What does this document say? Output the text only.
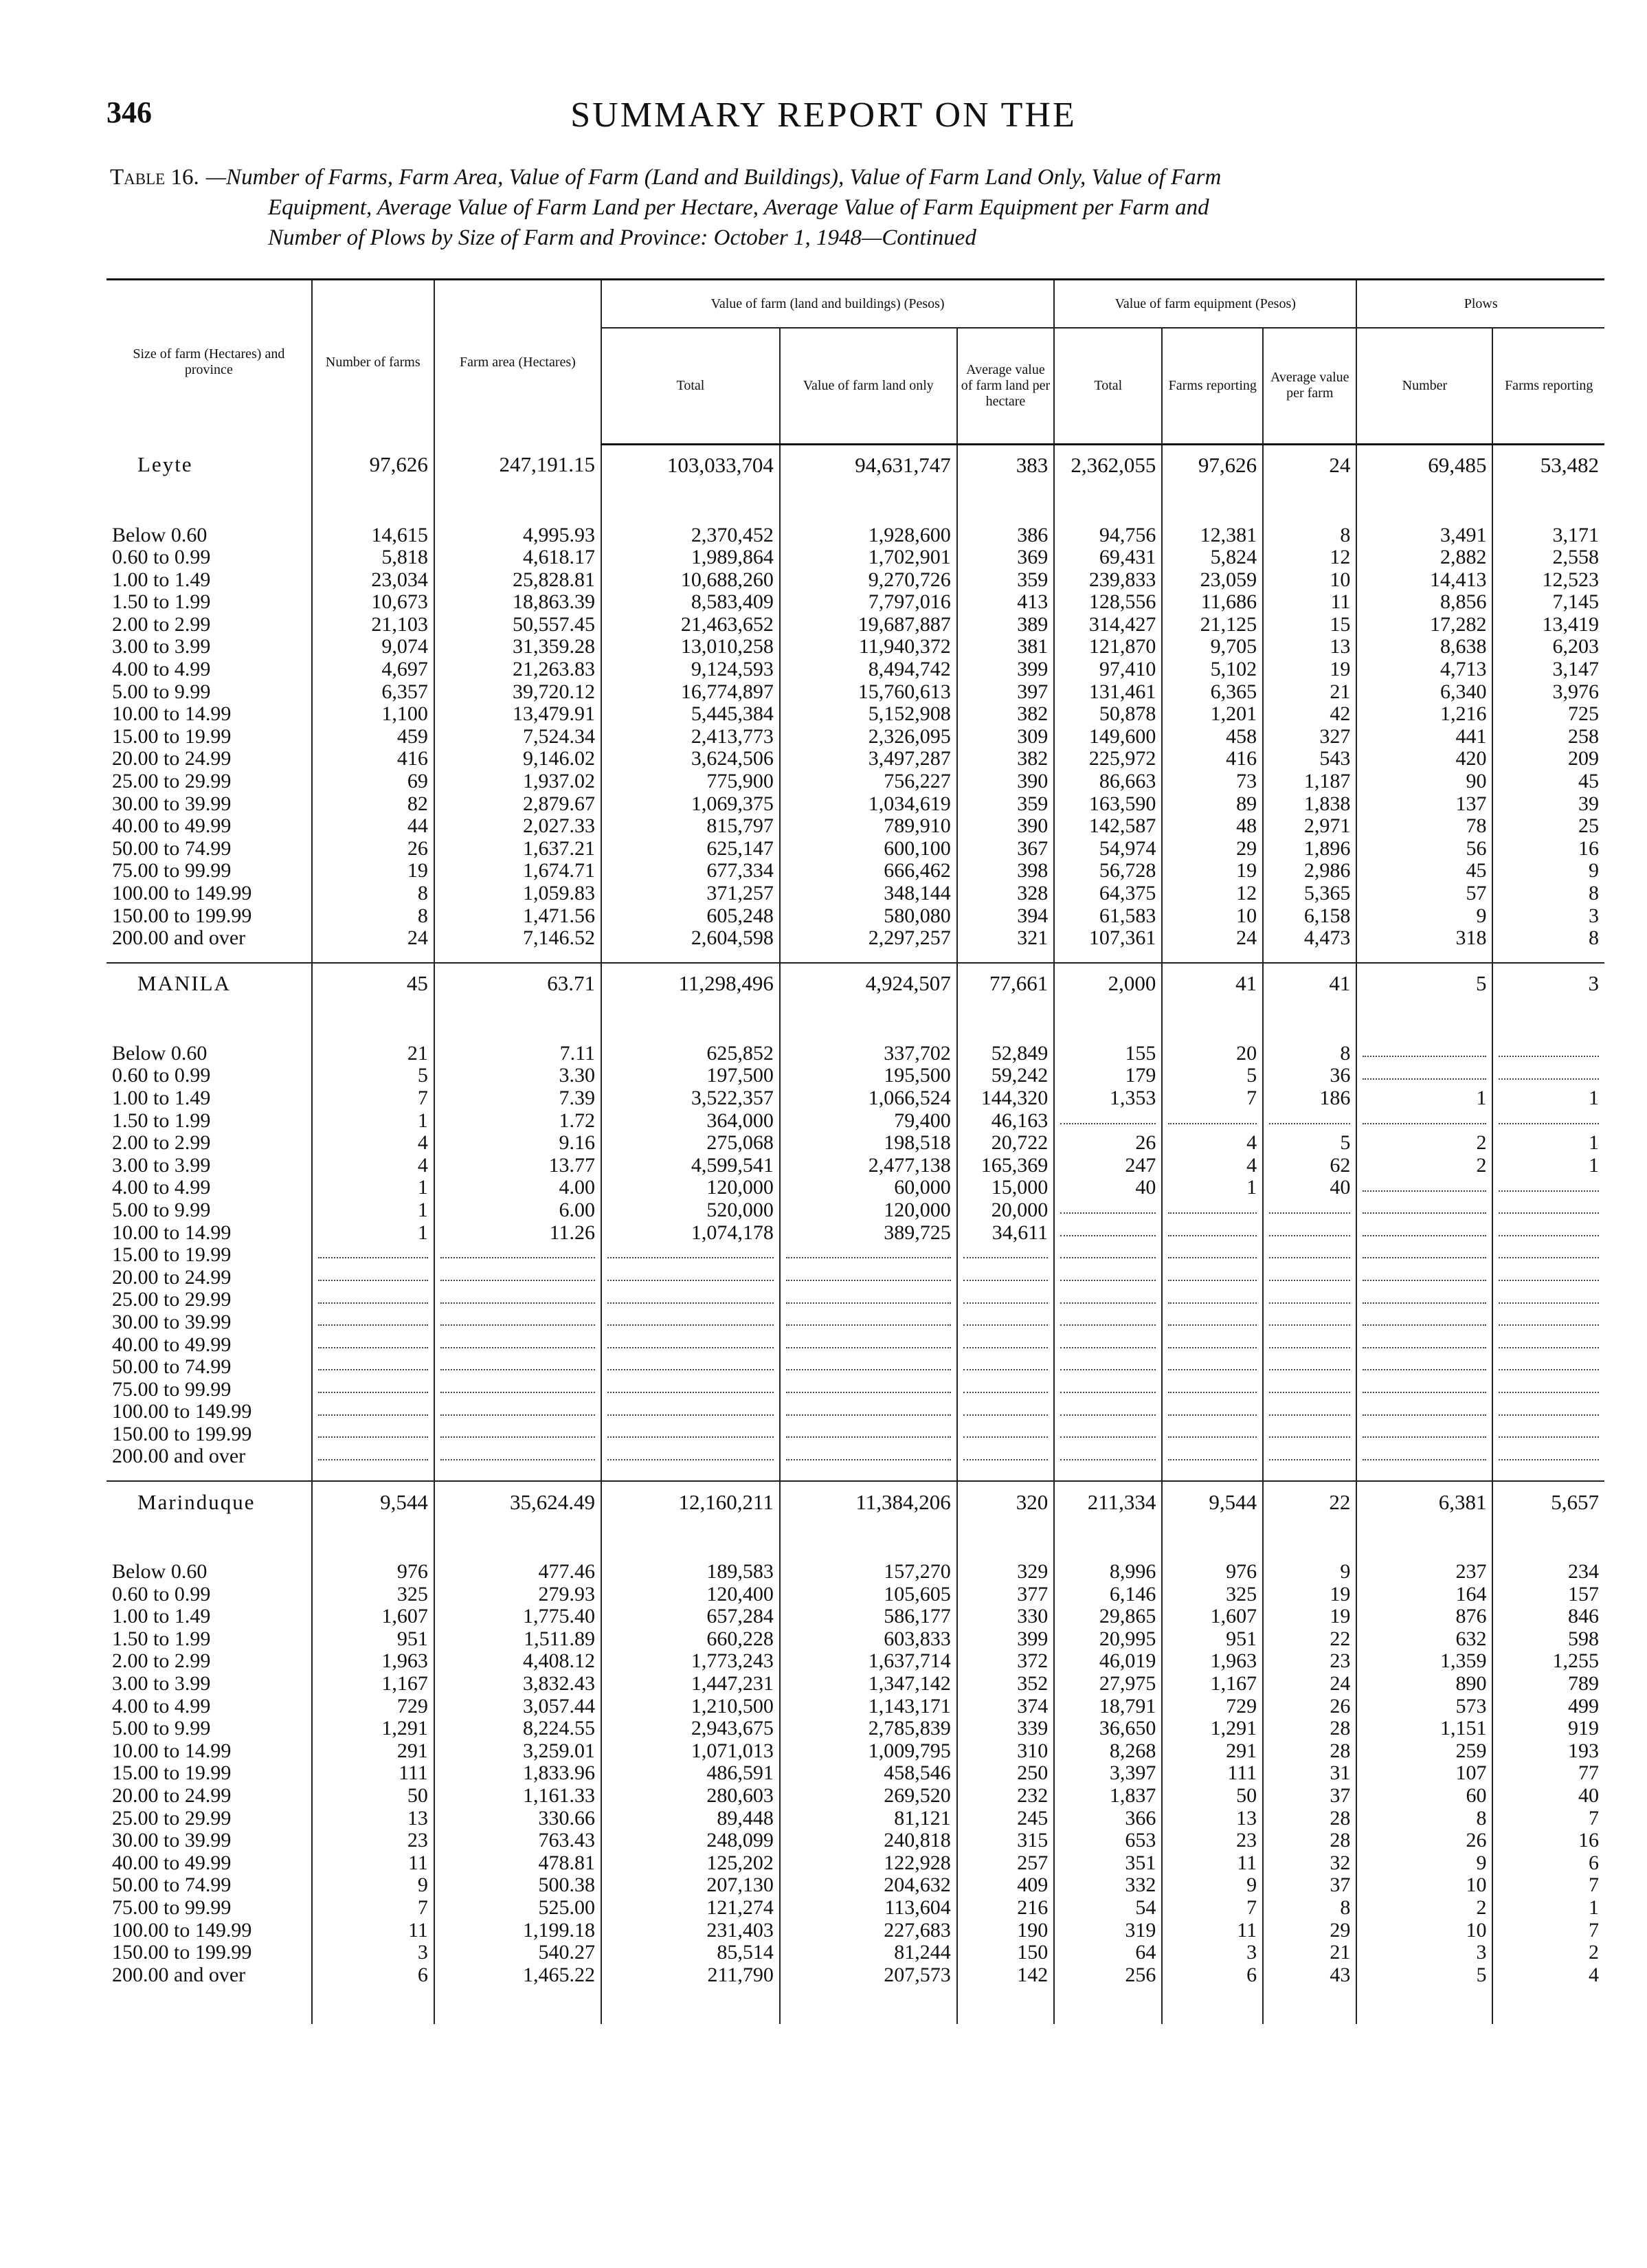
346	SUMMARY REPORT ON THE
Table 16. —Number of Farms, Farm Area, Value of Farm (Land and Buildings), Value of Farm Land Only, Value of Farm
Equipment, Average Value of Farm Land per Hectare, Average Value of Farm Equipment per Farm and
Number of Plows by Size of Farm and Province: October 1, 1948—Continued
Size of farm (Hectares) and province	Number of farms	Farm area (Hectares)	Value of farm (land and buildings) (Pesos)			Value of farm equipment (Pesos)			Plows	
			Total	Value of farm land only	Average value of farm land per hectare	Total	Farms reporting	Average value per farm	Number	Farms reporting
Leyte	97,626	247,191.15	103,033,704	94,631,747	383	2,362,055	97,626	24	69,485	53,482

Below 0.60	14,615	4,995.93	2,370,452	1,928,600	386	94,756	12,381	8	3,491	3,171
0.60 to 0.99	5,818	4,618.17	1,989,864	1,702,901	369	69,431	5,824	12	2,882	2,558
1.00 to 1.49	23,034	25,828.81	10,688,260	9,270,726	359	239,833	23,059	10	14,413	12,523
1.50 to 1.99	10,673	18,863.39	8,583,409	7,797,016	413	128,556	11,686	11	8,856	7,145
2.00 to 2.99	21,103	50,557.45	21,463,652	19,687,887	389	314,427	21,125	15	17,282	13,419
3.00 to 3.99	9,074	31,359.28	13,010,258	11,940,372	381	121,870	9,705	13	8,638	6,203
4.00 to 4.99	4,697	21,263.83	9,124,593	8,494,742	399	97,410	5,102	19	4,713	3,147
5.00 to 9.99	6,357	39,720.12	16,774,897	15,760,613	397	131,461	6,365	21	6,340	3,976
10.00 to 14.99	1,100	13,479.91	5,445,384	5,152,908	382	50,878	1,201	42	1,216	725
15.00 to 19.99	459	7,524.34	2,413,773	2,326,095	309	149,600	458	327	441	258
20.00 to 24.99	416	9,146.02	3,624,506	3,497,287	382	225,972	416	543	420	209
25.00 to 29.99	69	1,937.02	775,900	756,227	390	86,663	73	1,187	90	45
30.00 to 39.99	82	2,879.67	1,069,375	1,034,619	359	163,590	89	1,838	137	39
40.00 to 49.99	44	2,027.33	815,797	789,910	390	142,587	48	2,971	78	25
50.00 to 74.99	26	1,637.21	625,147	600,100	367	54,974	29	1,896	56	16
75.00 to 99.99	19	1,674.71	677,334	666,462	398	56,728	19	2,986	45	9
100.00 to 149.99	8	1,059.83	371,257	348,144	328	64,375	12	5,365	57	8
150.00 to 199.99	8	1,471.56	605,248	580,080	394	61,583	10	6,158	9	3
200.00 and over	24	7,146.52	2,604,598	2,297,257	321	107,361	24	4,473	318	8

MANILA	45	63.71	11,298,496	4,924,507	77,661	2,000	41	41	5	3

Below 0.60	21	7.11	625,852	337,702	52,849	155	20	8	

0.60 to 0.99	5	3.30	197,500	195,500	59,242	179	5	36	

1.00 to 1.49	7	7.39	3,522,357	1,066,524	144,320	1,353	7	186	1	1
1.50 to 1.99	1	1.72	364,000	79,400	46,163	

2.00 to 2.99	4	9.16	275,068	198,518	20,722	26	4	5	2	1
3.00 to 3.99	4	13.77	4,599,541	2,477,138	165,369	247	4	62	2	1
4.00 to 4.99	1	4.00	120,000	60,000	15,000	40	1	40	

5.00 to 9.99	1	6.00	520,000	120,000	20,000	

10.00 to 14.99	1	11.26	1,074,178	389,725	34,611	

15.00 to 19.99	

20.00 to 24.99	

25.00 to 29.99	

30.00 to 39.99	

40.00 to 49.99	

50.00 to 74.99	

75.00 to 99.99	

100.00 to 149.99	

150.00 to 199.99	

200.00 and over	

Marinduque	9,544	35,624.49	12,160,211	11,384,206	320	211,334	9,544	22	6,381	5,657

Below 0.60	976	477.46	189,583	157,270	329	8,996	976	9	237	234
0.60 to 0.99	325	279.93	120,400	105,605	377	6,146	325	19	164	157
1.00 to 1.49	1,607	1,775.40	657,284	586,177	330	29,865	1,607	19	876	846
1.50 to 1.99	951	1,511.89	660,228	603,833	399	20,995	951	22	632	598
2.00 to 2.99	1,963	4,408.12	1,773,243	1,637,714	372	46,019	1,963	23	1,359	1,255
3.00 to 3.99	1,167	3,832.43	1,447,231	1,347,142	352	27,975	1,167	24	890	789
4.00 to 4.99	729	3,057.44	1,210,500	1,143,171	374	18,791	729	26	573	499
5.00 to 9.99	1,291	8,224.55	2,943,675	2,785,839	339	36,650	1,291	28	1,151	919
10.00 to 14.99	291	3,259.01	1,071,013	1,009,795	310	8,268	291	28	259	193
15.00 to 19.99	111	1,833.96	486,591	458,546	250	3,397	111	31	107	77
20.00 to 24.99	50	1,161.33	280,603	269,520	232	1,837	50	37	60	40
25.00 to 29.99	13	330.66	89,448	81,121	245	366	13	28	8	7
30.00 to 39.99	23	763.43	248,099	240,818	315	653	23	28	26	16
40.00 to 49.99	11	478.81	125,202	122,928	257	351	11	32	9	6
50.00 to 74.99	9	500.38	207,130	204,632	409	332	9	37	10	7
75.00 to 99.99	7	525.00	121,274	113,604	216	54	7	8	2	1
100.00 to 149.99	11	1,199.18	231,403	227,683	190	319	11	29	10	7
150.00 to 199.99	3	540.27	85,514	81,244	150	64	3	21	3	2
200.00 and over	6	1,465.22	211,790	207,573	142	256	6	43	5	4
